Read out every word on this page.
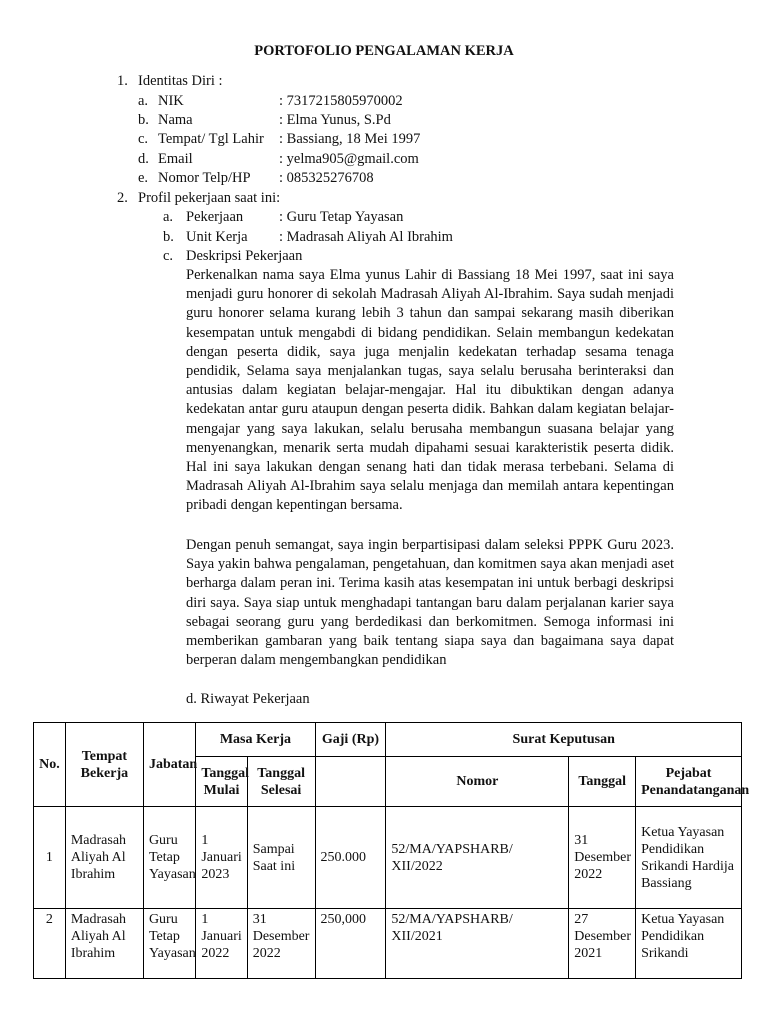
PORTOFOLIO PENGALAMAN KERJA
1. Identitas Diri :
a. NIK	: 7317215805970002
b. Nama	: Elma Yunus, S.Pd
c. Tempat/ Tgl Lahir : Bassiang, 18 Mei 1997
d. Email	: yelma905@gmail.com
e. Nomor Telp/HP : 085325276708
2. Profil pekerjaan saat ini:
a. Pekerjaan : Guru Tetap Yayasan
b. Unit Kerja : Madrasah Aliyah Al Ibrahim
c. Deskripsi Pekerjaan
Perkenalkan nama saya Elma yunus Lahir di Bassiang 18 Mei 1997, saat ini saya menjadi guru honorer di sekolah Madrasah Aliyah Al-Ibrahim. Saya sudah menjadi guru honorer selama kurang lebih 3 tahun dan sampai sekarang masih diberikan kesempatan untuk mengabdi di bidang pendidikan. Selain membangun kedekatan dengan peserta didik, saya juga menjalin kedekatan terhadap sesama tenaga pendidik, Selama saya menjalankan tugas, saya selalu berusaha berinteraksi dan antusias dalam kegiatan belajar-mengajar. Hal itu dibuktikan dengan adanya kedekatan antar guru ataupun dengan peserta didik. Bahkan dalam kegiatan belajar-mengajar yang saya lakukan, selalu berusaha membangun suasana belajar yang menyenangkan, menarik serta mudah dipahami sesuai karakteristik peserta didik. Hal ini saya lakukan dengan senang hati dan tidak merasa terbebani. Selama di Madrasah Aliyah Al-Ibrahim saya selalu menjaga dan memilah antara kepentingan pribadi dengan kepentingan bersama.
Dengan penuh semangat, saya ingin berpartisipasi dalam seleksi PPPK Guru 2023. Saya yakin bahwa pengalaman, pengetahuan, dan komitmen saya akan menjadi aset berharga dalam peran ini. Terima kasih atas kesempatan ini untuk berbagi deskripsi diri saya. Saya siap untuk menghadapi tantangan baru dalam perjalanan karier saya sebagai seorang guru yang berdedikasi dan berkomitmen. Semoga informasi ini memberikan gambaran yang baik tentang siapa saya dan bagaimana saya dapat berperan dalam mengembangkan pendidikan
d. Riwayat Pekerjaan
No.	Tempat Bekerja	Jabatan	Masa Kerja		Gaji (Rp)	Surat Keputusan		
			Tanggal Mulai	Tanggal Selesai		Nomor	Tanggal	Pejabat Penandatanganan
1	Madrasah Aliyah Al Ibrahim	Guru Tetap Yayasan	1 Januari 2023	Sampai Saat ini	250.000	52/MA/YAPSHARB/ XII/2022	31 Desember 2022	Ketua Yayasan Pendidikan Srikandi Hardija Bassiang
2	Madrasah Aliyah Al Ibrahim	Guru Tetap Yayasan	1 Januari 2022	31 Desember 2022	250,000	52/MA/YAPSHARB/ XII/2021	27 Desember 2021	Ketua Yayasan Pendidikan Srikandi
